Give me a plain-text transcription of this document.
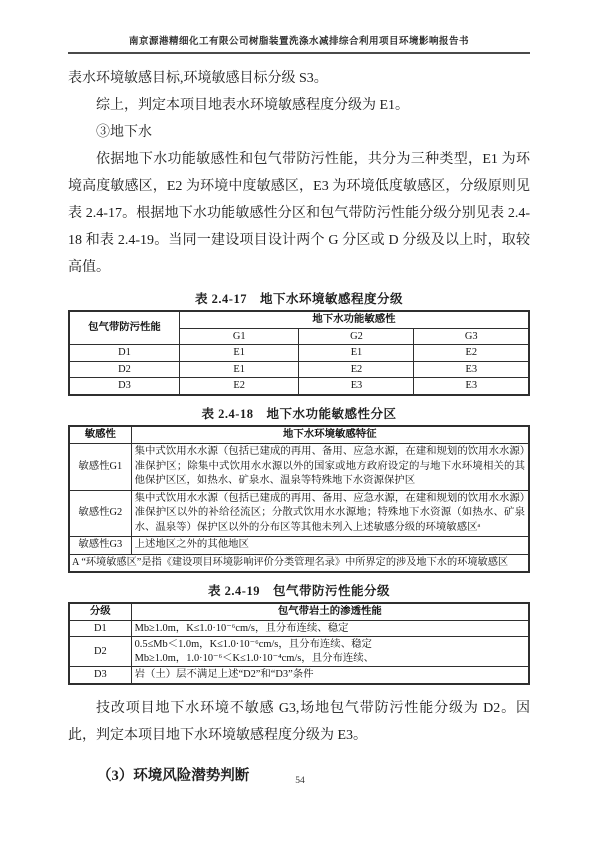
南京源港精细化工有限公司树脂装置洗涤水减排综合利用项目环境影响报告书

表水环境敏感目标,环境敏感目标分级 S3。

综上，判定本项目地表水环境敏感程度分级为 E1。

③地下水

依据地下水功能敏感性和包气带防污性能，共分为三种类型，E1 为环境高度敏感区，E2 为环境中度敏感区，E3 为环境低度敏感区，分级原则见表 2.4-17。根据地下水功能敏感性分区和包气带防污性能分级分别见表 2.4-18 和表 2.4-19。当同一建设项目设计两个 G 分区或 D 分级及以上时，取较高值。

表 2.4-17　地下水环境敏感程度分级
包气带防污性能	地下水功能敏感性		
	G1	G2	G3
D1	E1	E1	E2
D2	E1	E2	E3
D3	E2	E3	E3
表 2.4-18　地下水功能敏感性分区
敏感性	地下水环境敏感特征
敏感性G1	集中式饮用水水源（包括已建成的再用、备用、应急水源，在建和规划的饮用水水源）准保护区；除集中式饮用水水源以外的国家或地方政府设定的与地下水环境相关的其他保护区区，如热水、矿泉水、温泉等特殊地下水资源保护区
敏感性G2	集中式饮用水水源（包括已建成的再用、备用、应急水源，在建和规划的饮用水水源）准保护区以外的补给径流区；分散式饮用水水源地；特殊地下水资源（如热水、矿泉水、温泉等）保护区以外的分布区等其他未列入上述敏感分级的环境敏感区ᵃ
敏感性G3	上述地区之外的其他地区
A “环境敏感区”是指《建设项目环境影响评价分类管理名录》中所界定的涉及地下水的环境敏感区	
表 2.4-19　包气带防污性能分级
分级	包气带岩土的渗透性能
D1	Mb≥1.0m，K≤1.0·10⁻⁶cm/s，且分布连续、稳定
D2	0.5≤Mb＜1.0m，K≤1.0·10⁻⁶cm/s，且分布连续、稳定
Mb≥1.0m，1.0·10⁻⁶＜K≤1.0·10⁻⁴cm/s，且分布连续、

D3	岩（土）层不满足上述“D2”和“D3”条件

技改项目地下水环境不敏感 G3,场地包气带防污性能分级为 D2。因此，判定本项目地下水环境敏感程度分级为 E3。

（3）环境风险潜势判断	54
